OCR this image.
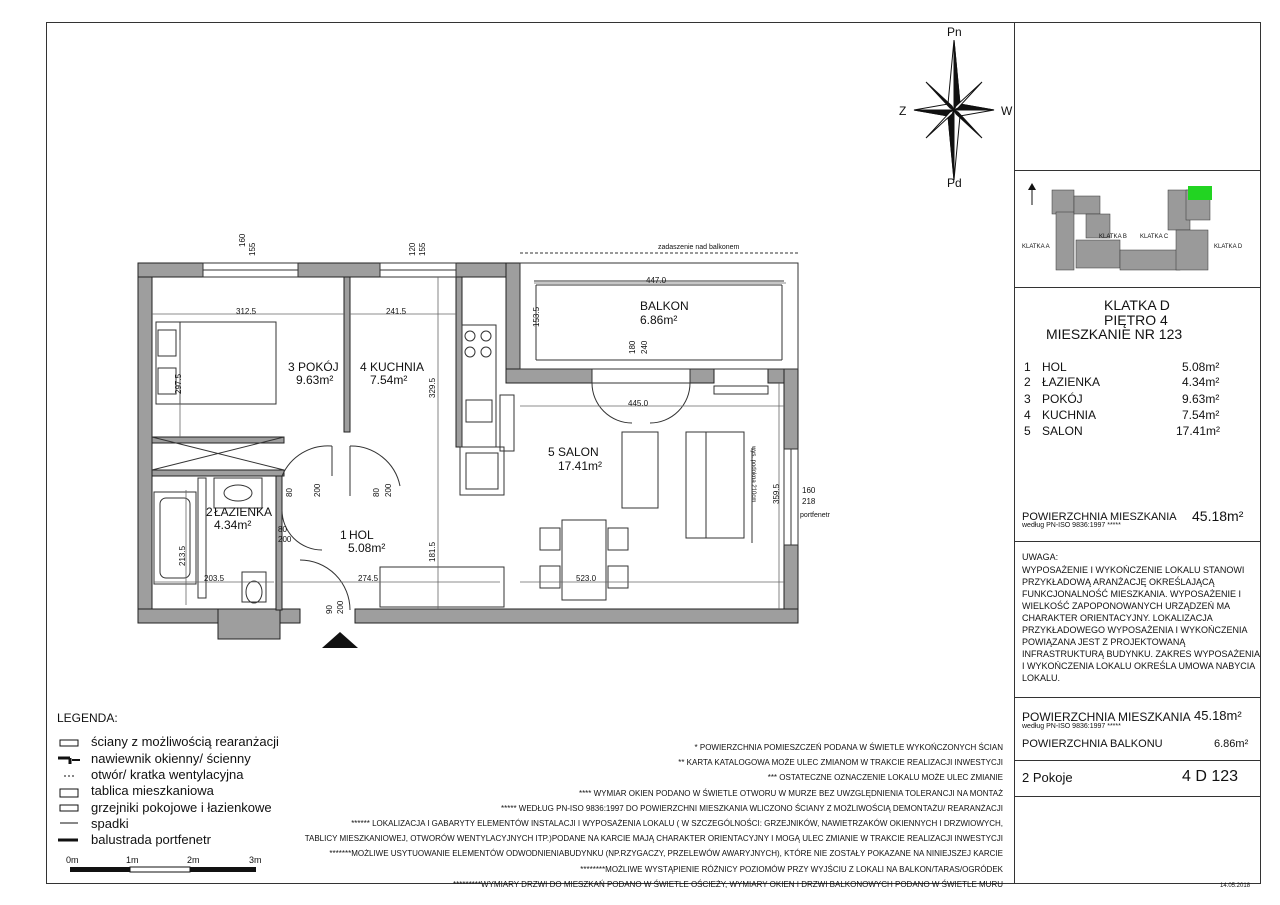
Pn
Pd
Z	W
KLATKA A
KLATKA B KLATKA C
KLATKA D
KLATKA D
PIĘTRO 4
MIESZKANIE NR 123
1 HOL	5.08m²
2 ŁAZIENKA	4.34m²
3 POKÓJ	9.63m²
4 KUCHNIA	7.54m²
5 SALON	17.41m²
POWIERZCHNIA MIESZKANIA
według PN-ISO 9836:1997 *****
45.18m²
UWAGA:
WYPOSAŻENIE I WYKOŃCZENIE LOKALU STANOWI
PRZYKŁADOWĄ ARANŻACJĘ OKREŚLAJĄCĄ
FUNKCJONALNOŚĆ MIESZKANIA. WYPOSAŻENIE I
WIELKOŚĆ ZAPOPONOWANYCH URZĄDZEŃ MA
CHARAKTER ORIENTACYJNY. LOKALIZACJA
PRZYKŁADOWEGO WYPOSAŻENIA I WYKOŃCZENIA
POWIĄZANA JEST Z PROJEKTOWANĄ
INFRASTRUKTURĄ BUDYNKU. ZAKRES WYPOSAŻENIA
I WYKOŃCZENIA LOKALU OKREŚLA UMOWA NABYCIA
LOKALU.
POWIERZCHNIA MIESZKANIA 45.18m²
według PN-ISO 9836:1997 *****
POWIERZCHNIA BALKONU	6.86m²
2 Pokoje	4 D 123
14.05.2018
3 POKÓJ
9.63m²
4 KUCHNIA
7.54m²
2 ŁAZIENKA
4.34m²
1 HOL
5.08m²
5 SALON
17.41m²
BALKON
6.86m²
zadaszenie nad balkonem
portfenetr
160
155	120 155
447.0
153.5
312.5	241.5
180 240
445.0
297.5	329.5
80 200
80
200
80 200
213.5
203.5	274.5
181.5
523.0
359.5	160
218
90 200
wys. podokna 210cm
LEGENDA:
ściany z możliwością rearanżacji
nawiewnik okienny/ ścienny
otwór/ kratka wentylacyjna
tablica mieszkaniowa
grzejniki pokojowe i łazienkowe
spadki
balustrada portfenetr
0m	1m	2m	3m
* POWIERZCHNIA POMIESZCZEŃ PODANA W ŚWIETLE WYKOŃCZONYCH ŚCIAN
** KARTA KATALOGOWA MOŻE ULEC ZMIANOM W TRAKCIE REALIZACJI INWESTYCJI
*** OSTATECZNE OZNACZENIE LOKALU MOŻE ULEC ZMIANIE
**** WYMIAR OKIEN PODANO W ŚWIETLE OTWORU W MURZE BEZ UWZGLĘDNIENIA TOLERANCJI NA MONTAŻ
***** WEDŁUG PN-ISO 9836:1997 DO POWIERZCHNI MIESZKANIA WLICZONO ŚCIANY Z MOŻLIWOŚCIĄ DEMONTAŻU/ REARANŻACJI
****** LOKALIZACJA I GABARYTY ELEMENTÓW INSTALACJI I WYPOSAŻENIA LOKALU ( W SZCZEGÓLNOŚCI: GRZEJNIKÓW, NAWIETRZAKÓW OKIENNYCH I DRZWIOWYCH,
TABLICY MIESZKANIOWEJ, OTWORÓW WENTYLACYJNYCH ITP.)PODANE NA KARCIE MAJĄ CHARAKTER ORIENTACYJNY I MOGĄ ULEC ZMIANIE W TRAKCIE REALIZACJI INWESTYCJI
*******MOŻLIWE USYTUOWANIE ELEMENTÓW ODWODNIENIABUDYNKU (NP.RZYGACZY, PRZELEWÓW AWARYJNYCH), KTÓRE NIE ZOSTAŁY POKAZANE NA NINIEJSZEJ KARCIE
********MOŻLIWE WYSTĄPIENIE RÓŻNICY POZIOMÓW PRZY WYJŚCIU Z LOKALI NA BALKON/TARAS/OGRÓDEK
*********WYMIARY DRZWI DO MIESZKAŃ PODANO W ŚWIETLE OŚCIEŻY, WYMIARY OKIEN I DRZWI BALKONOWYCH PODANO W ŚWIETLE MURU
